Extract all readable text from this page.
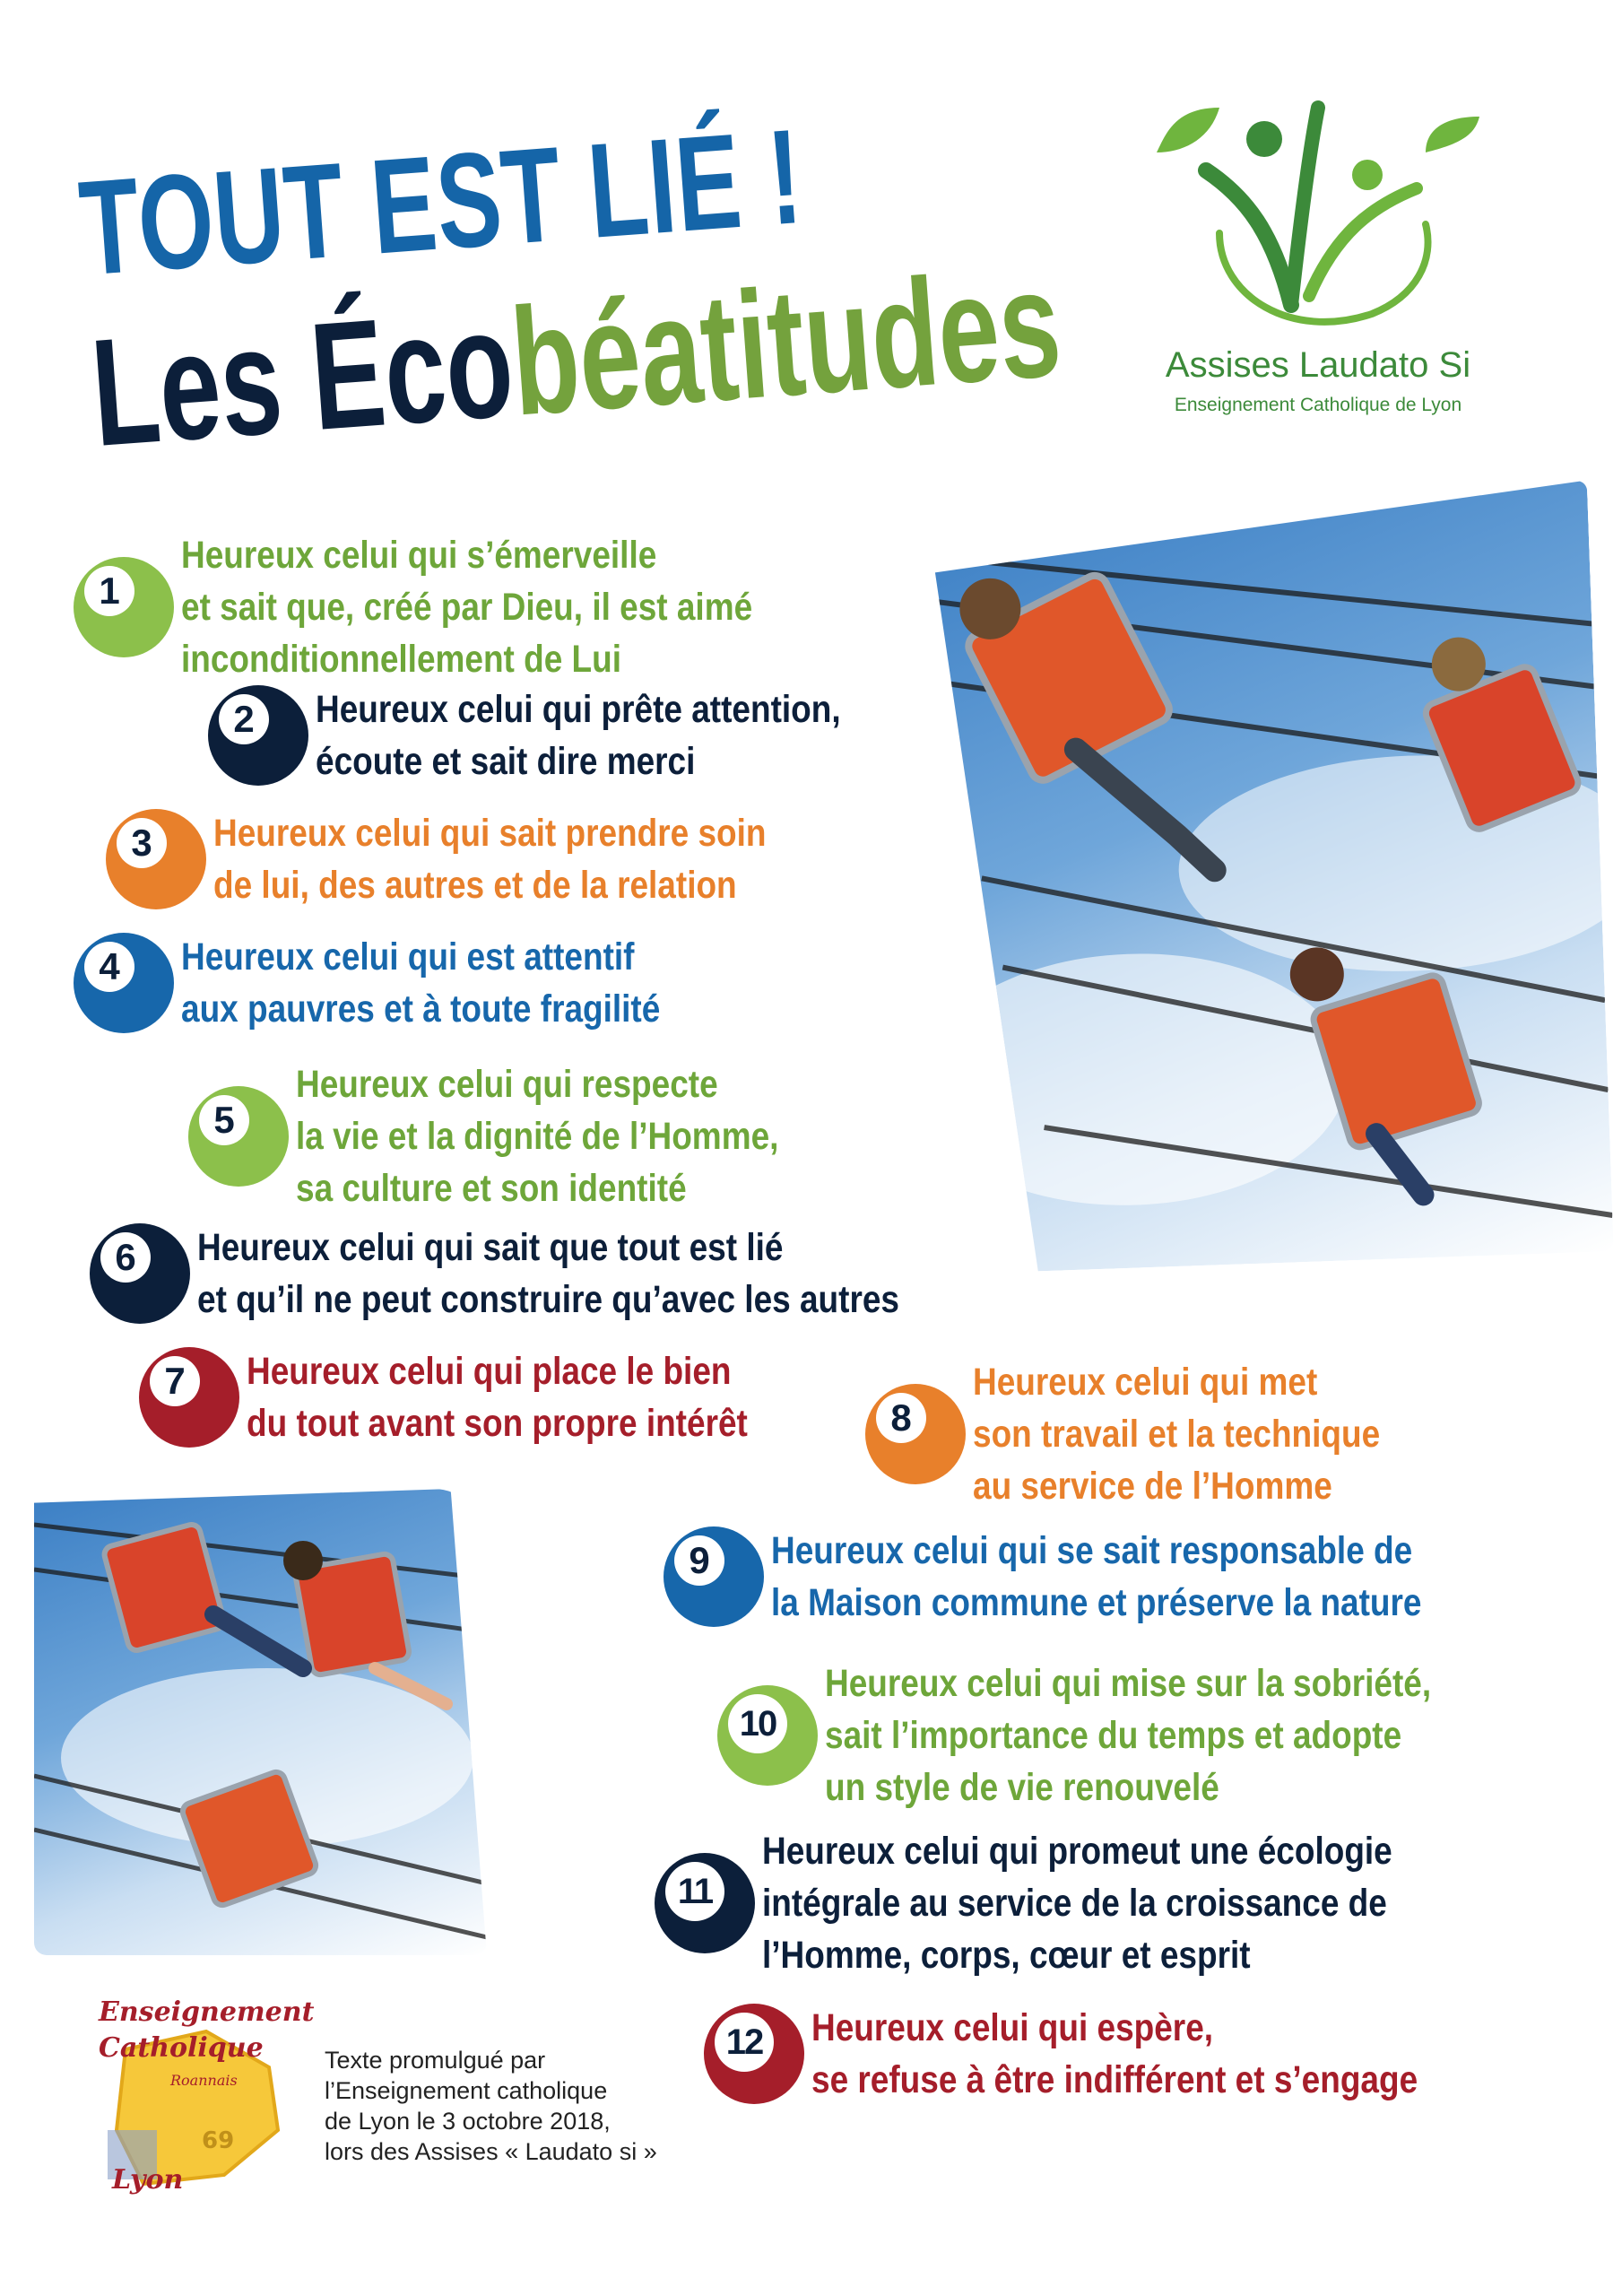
TOUT EST LIÉ !
Les Écobéatitudes	Assises Laudato Si
Enseignement Catholique de Lyon
1
Heureux celui qui s’émerveille
et sait que, créé par Dieu, il est aimé
inconditionnellement de Lui
2	Heureux celui qui prête attention,
écoute et sait dire merci
3	Heureux celui qui sait prendre soin
de lui, des autres et de la relation
4	Heureux celui qui est attentif
aux pauvres et à toute fragilité
5
Heureux celui qui respecte
la vie et la dignité de l’Homme,
sa culture et son identité
6	Heureux celui qui sait que tout est lié
et qu’il ne peut construire qu’avec les autres
7	Heureux celui qui place le bien
du tout avant son propre intérêt	8
Heureux celui qui met
son travail et la technique
au service de l’Homme
9	Heureux celui qui se sait responsable de
la Maison commune et préserve la nature
10
Heureux celui qui mise sur la sobriété,
sait l’importance du temps et adopte
un style de vie renouvelé
11
Heureux celui qui promeut une écologie
intégrale au service de la croissance de
l’Homme, corps, cœur et esprit
12 Heureux celui qui espère,
se refuse à être indifférent et s’engage
Enseignement
Catholique
Roannais
Lyon
69
Texte promulgué par
l’Enseignement catholique
de Lyon le 3 octobre 2018,
lors des Assises « Laudato si »
